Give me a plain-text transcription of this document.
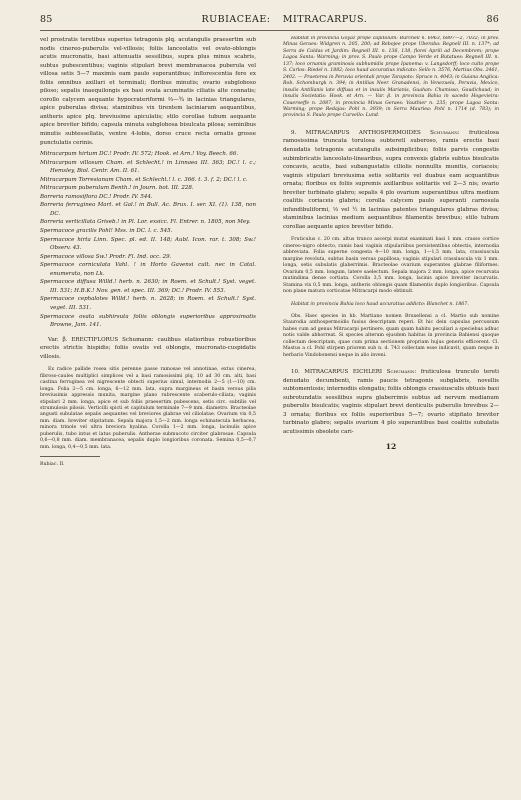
85	RUBIACEAE:	MITRACARPUS.	86

vel prostratis teretibus superius tetragonis plq. acutangulis praesertim sub nodis cinereo-puberulis vel-villosis; foliis lanceolatis vel ovato-oblongis acutis mucronatis, basi attenuatis sessilibus, supra plus minus scabris, subtus pubescentibus; vaginis stipulari brevi membranacea puberula vel villosa setis 5—7 maximis eam paulo superantibus; inflorescentia fere ex foliis omnibus axillari et terminali; floribus minutis; ovario subgloboso piloso; sepalis inaequilongis ex basi ovata acuminatis ciliatis alte connatis; corollo calycem aequante hypocrateriformi ⅔—¾ in lacinias triangulares, apice puberulas divisa; staminibus vix tirentem laciniarum aequantibus, antheris apice plq. breviusime apiculatis; stilo corollae tubum aequante apice breviter bifido; capsula minuta subglobosa bisulcata pilosa; seminibus minutis subtessellatis, ventre 4-lobis, dorso cruce recta ornatis grosse punctulatis cerinis.

Mitracarpum hirtum DC.! Prodr. IV. 572; Hook. et Arn.! Voy. Beech. 66.

Mitracarpum villosum Cham. et Schlecht.! in Linnaea III. 363; DC.! l. c.; Hemsley, Biol. Centr. Am. II. 61.

Mitracarpum Torresianum Cham. et Schlecht.! l. c. 366. t. 3. f. 2; DC.! l. c.

Mitracarpum puberulum Benth.! in Journ. bot. III. 228.

Borreria ramosiflora DC.! Prodr. IV. 544.

Borreria ferruginea Mart. et Gal.! in Bull. Ac. Brux. I. ser. XI. (1). 138, non DC.

Borreria verticillata Griseb.! in Pl. Lor. exsicc. Fl. Entrer. n. 1805, non Mey.

Spermacoce gracilis Pohl! Mss. in DC. l. c. 545.

Spermacoce hirta Linn. Spec. pl. ed. II. 148; Aubl. Icon. rar. t. 308; Sw.! Observ. 43.

Spermacoce villosa Sw.! Prodr. Fl. Ind. occ. 29.

Spermacoce corniculata Vahl. ! in Horto Gavensi cult. nec in Catal. enumerata, non Lk.

Spermacoce diffusa Willd.! herb. n. 2630; in Roem. et Schult.! Syst. veget. III. 531; H.B.K.! Nov. gen. et spec. III. 369; DC.! Prodr. IV. 553.

Spermacoce cephalotes Willd.! herb. n. 2628; in Roem. et Schult.! Syst. veget. III. 531.

Spermacoce ovata subhirsuta foliis oblongis superioribus approximatis Browne, Jam. 141.

Var. β. ERECTIFLORUS Schumann: caulibus elatioribus robustioribus erectis strictis hispidis; foliis ovatis vel oblongis, mucronato-cuspidatis villosis.

Ex radice pallide rosea sitis perenne passe ramosae vel annotinae, extus cinerea, fibroso-caules multiplici simplices vel a basi ramosissimi plq. 10 ad 30 cm. alti, basi castina ferruginea vel nigrescente obtecti superius simul, internodis 2—5 (1—10) cm. longa. Folia 2—5 cm. longa, 6—12 mm. lata, supra margineus et basin versus pilis breviusimis appressis munita, margine plano rubrescente scaberulo-ciliata; vaginis stipulari 2 mm. longa, apice et sub foliis praesertim pubescens, setis circ. subtilis vel strumulosis pilosis. Verticilli spicti et capitulum terminale 7—9 mm. diametro. Bracteolae angusti subulatae sepalis aequantes vel breviores glabrae vel ciliolatae. Ovarium vix 0,5 mm. diam. breviter stipitatum. Sepala majora 1,5—2 mm. longa echinatecula herbacea, minora trinole vel ultra breviora hyalina. Corolla 1—2 mm. longa, lacinulis apice puberulis, tubo intus et latus puberulis. Antherae submucoto circiter glabrosae. Capsula 0,6—0,8 mm. diam. membranacea, sepalis duplo longioribus coronata. Semina 0,5—0,7 mm. longa, 0,4—0,5 mm. lata.

Rubiac. II.

Habitat in provincia Goyaz prope capitolum: Burchell n. 6963, 6897—2, 7032; in prov. Minas Geraes: Widgren n. 205, 200; ad Rebojee prope Uberaba: Regnell III. n. 137*; ad Serra de Caldas et Jardim: Regnell III. n. 136, 138, florei Aprili ad Decembrem; prope Lagoa Santa: Warming; in prov. S. Paulo prope Campo Verde et Butatues: Regnell III. n. 137; loco ornamis graminosis subhumidis prope Ipanema: v. Langsdorff; loco culto prope S. Carlos: Riedel n. 1882; loco haud accuratius indicato: Sello n. 3576, Martius Obs. 2461, 2402. — Praeterea in Peruvia orientali prope Tarapoto: Spruce n. 4043; in Guiana Anglica: Rob. Schomburgk n. 394; in Antilias Neer. Granadensi, in Venezuela, Peruvia, Mexico, insulis Antillanis late diffusa et in insulis Marianis, Guahan: Chamisso, Gaudichaud; in insulis Societatis: Hook. et Arn. — Var. β. in provincia Bahia in sacedo Hogevieira: Coueroeffe n. 2087; in provincia Minas Geraes: Vauthier n. 235; prope Lagoa Santa: Warming; prope Redajas: Pohl n. 3939; in Serra Mauriea: Pohl n. 1714 (d. 783); in provincia S. Paulo prope Curvello: Lund.

9. MITRACARPUS ANTHOSPERMOIDES Schumann: fruticulosa ramosissima truncata torulosa subteretl suberoso, ramis erectis basi denudatis tetragonis acutangulis subsimplicibus; foliis parvis congestis subimbricatis lanceolato-linearibus, supra convexis glabris subtus bisulcatis concavis, acutis, basi subangustatis ciliolis nonnullis munitis, coriaceis; vaginis stipulari breviusima setis solitariis vel duabus eam acquantibus ornata; floribus ex foliis supremis axillaribus solitariis vel 2—3 nis; ovario breviter turbinato glabro; sepalis 4 plo ovarium superantibus ultra medium coalitis coriaceis glabris; corolla calycem paulo superanti carnosula infundibuliformi, ⅓ vel ½ in lacinias patentes triangulares glabras divisa; staminibus lacinias medium aequantibus filamentis brevibus; stilo tubum corollae aequante apice breviter bifido.

Fruticulus c. 20 cm. altus trunco ascerpi mutat examinati basi 1 mm. crasso cortice cinereo-nigro obtecto, ramis basi vaginis stipulariibus persistentibus obtectis, internodia abbreviata. Folia superne congesta 4—10 mm. longa, 1—1,5 mm. lata, crassiuscula margine revoluta, subtus basin versus papillosa; vaginis stipulari crassiuscula vix 1 mm. longa, setis subulatis glaberrimis. Bracteolae ovarium superantes glabrae filiformes. Ovarium 0,5 mm. longum, latere saelectum. Sepala majora 2 mm. longa, apice recurvata mutindima dense cortiata. Corolla 3,5 mm. longa, lacinis apice breviter incurvatis. Stamina vix 0,5 mm. longa, antheris oblongis quam filamentis duplo longioribus. Capsula non plane matura corticatae Mitracarpi modo obtinuit.

Habitat in provincia Bahia loco haud accuratius addicto: Blanchet n. 1867.

Obs. Haec species in hb. Martiano nomen Bruxellensi a cl. Martio sub nomine Staurodia anthospermoidis fusius descriptam reperi. Et hic dein capsulas percussum habes cum ad genus Mitracarpi pertinere, quam quam habitu peculiari a speciebus adhuc notis valde abhorreat. Si species alterum ejusdem habitus in provincia Bahiensi quoque collectam descriptam, quae cum prima sectionem propriam hujus generis efficerent. Cl. Mastus a cl. Pohl stirpem priorem sub n. d. 743 collectam esse indicavit, quam neque in herbario Vindobonensi neque in alio inveni.

10. MITRACARPUS EICHLERI Schumann: fruticulosa trunculo tereti denudato decumbenti, ramis paucis tetragonis subglabris, novellis subtomentosis; internodiis elongatis; foliis oblongis crassiusculis obtusis basi subrotundatis sessilibus supra glaberrimis subtus ad nervum medianum puberulis bisulcatis; vaginis stipulari brevi denticulis puberulis brevibus 2—3 ornata; floribus ex foliis superioribus 5—7; ovario stipitato breviter turbinato glabro; sepalis ovarium 4 plo superantibus basi coalitis subulatis acutissimis obsolete cari-

12
